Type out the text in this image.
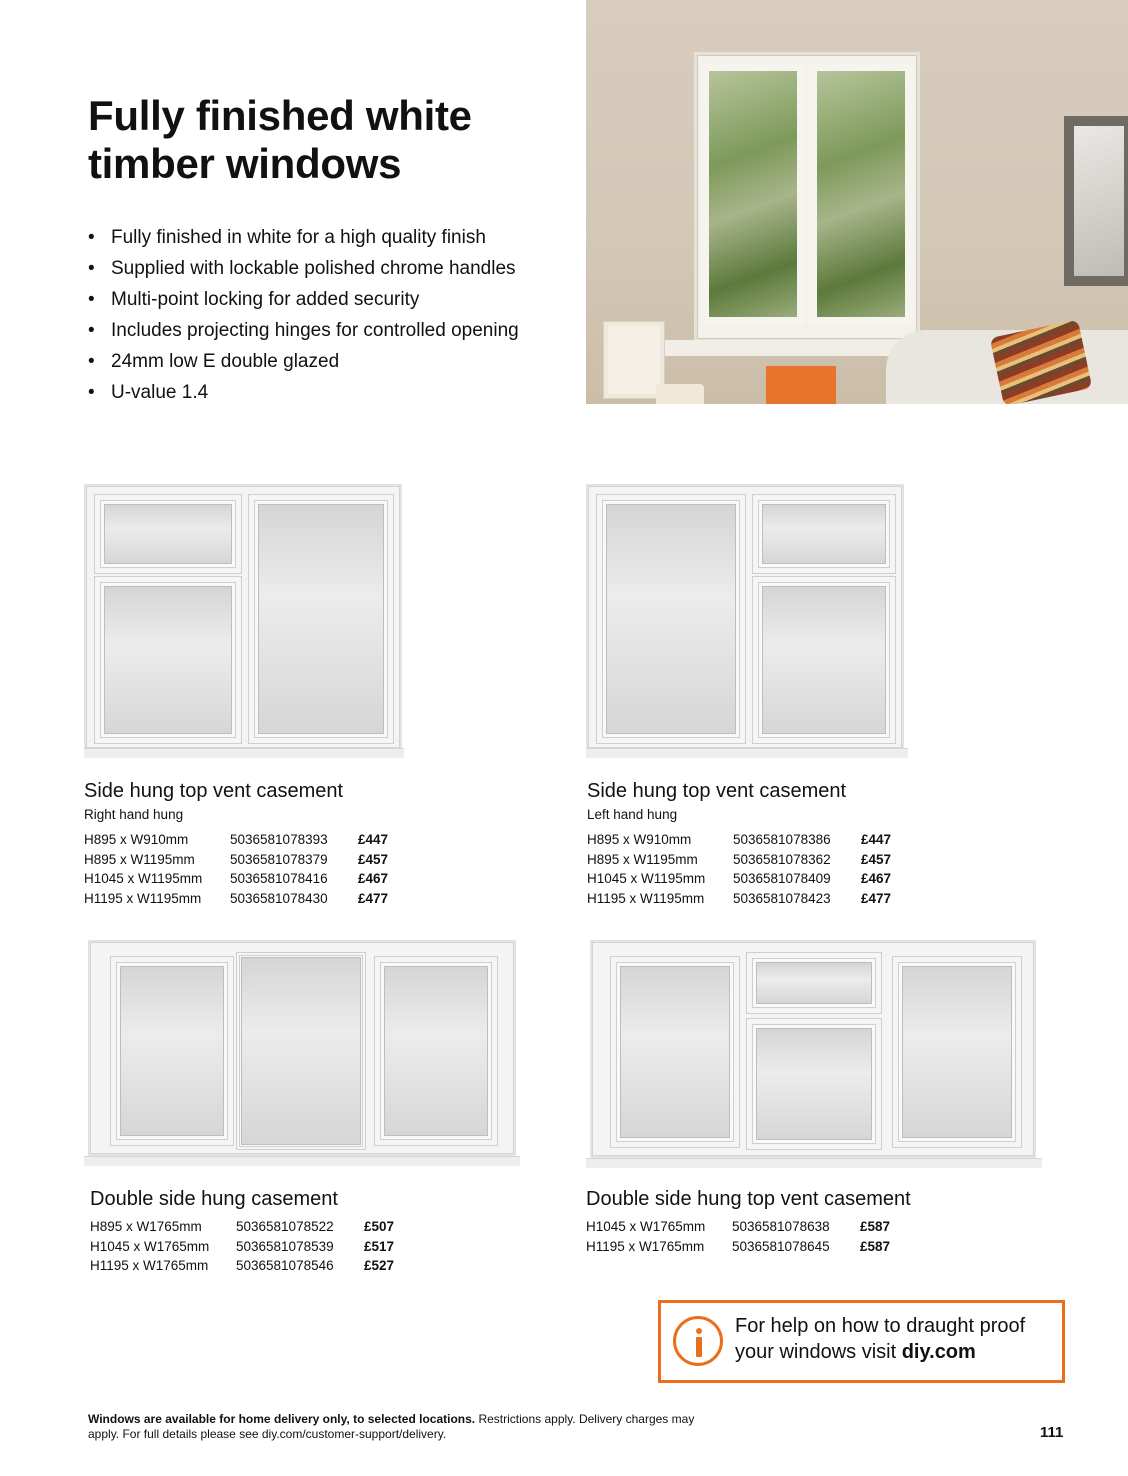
Fully finished white timber windows
• Fully finished in white for a high quality finish
• Supplied with lockable polished chrome handles
• Multi-point locking for added security
• Includes projecting hinges for controlled opening
• 24mm low E double glazed
• U-value 1.4
Side hung top vent casement
Right hand hung
H895 x W910mm	5036581078393	£447
H895 x W1195mm	5036581078379	£457
H1045 x W1195mm	5036581078416	£467
H1195 x W1195mm	5036581078430	£477
Side hung top vent casement
Left hand hung
H895 x W910mm	5036581078386	£447
H895 x W1195mm	5036581078362	£457
H1045 x W1195mm	5036581078409	£467
H1195 x W1195mm	5036581078423	£477
Double side hung casement
H895 x W1765mm	5036581078522	£507
H1045 x W1765mm	5036581078539	£517
H1195 x W1765mm	5036581078546	£527
Double side hung top vent casement
H1045 x W1765mm	5036581078638	£587
H1195 x W1765mm	5036581078645	£587
For help on how to draught proof your windows visit diy.com
Windows are available for home delivery only, to selected locations. Restrictions apply. Delivery charges may apply. For full details please see diy.com/customer-support/delivery.	111
